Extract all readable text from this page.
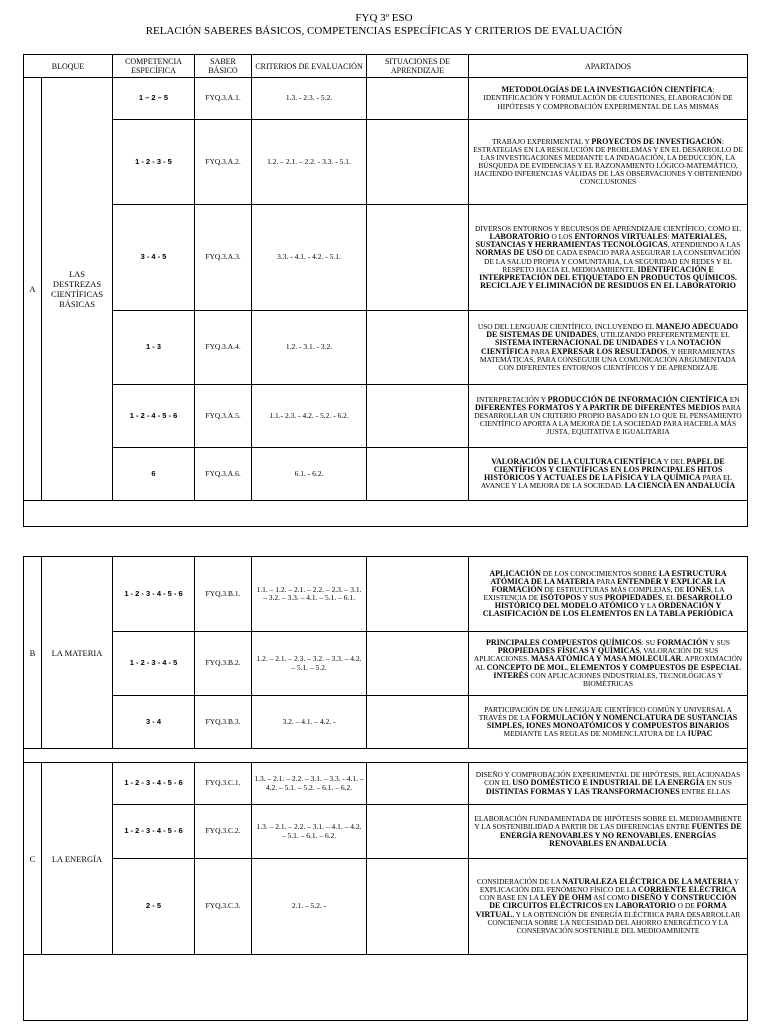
FYQ 3º ESO
RELACIÓN SABERES BÁSICOS, COMPETENCIAS ESPECÍFICAS Y CRITERIOS DE EVALUACIÓN
BLOQUE		COMPETENCIA ESPECÍFICA	SABER BÁSICO	CRITERIOS DE EVALUACIÓN	SITUACIONES DE APRENDIZAJE	APARTADOS
A	LAS DESTREZAS CIENTÍFICAS BÁSICAS	1 – 2 – 5	FYQ.3.A.1.	1.3. - 2.3. - 5.2.		METODOLOGÍAS DE LA INVESTIGACIÓN CIENTÍFICA: IDENTIFICACIÓN Y FORMULACIÓN DE CUESTIONES, ELABORACIÓN DE HIPÓTESIS Y COMPROBACIÓN EXPERIMENTAL DE LAS MISMAS
		1 - 2 - 3 - 5	FYQ.3.A.2.	1.2. – 2.1. – 2.2. - 3.3. - 5.1.		TRABAJO EXPERIMENTAL Y PROYECTOS DE INVESTIGACIÓN: ESTRATEGIAS EN LA RESOLUCIÓN DE PROBLEMAS Y EN EL DESARROLLO DE LAS INVESTIGACIONES MEDIANTE LA INDAGACIÓN, LA DEDUCCIÓN, LA BÚSQUEDA DE EVIDENCIAS Y EL RAZONAMIENTO LÓGICO-MATEMÁTICO, HACIENDO INFERENCIAS VÁLIDAS DE LAS OBSERVACIONES Y OBTENIENDO CONCLUSIONES
		3 - 4 - 5	FYQ.3.A.3.	3.3. - 4.1. - 4.2. - 5.1.		DIVERSOS ENTORNOS Y RECURSOS DE APRENDIZAJE CIENTÍFICO, COMO EL LABORATORIO O LOS ENTORNOS VIRTUALES: MATERIALES, SUSTANCIAS Y HERRAMIENTAS TECNOLÓGICAS, ATENDIENDO A LAS NORMAS DE USO DE CADA ESPACIO PARA ASEGURAR LA CONSERVACIÓN DE LA SALUD PROPIA Y COMUNITARIA, LA SEGURIDAD EN REDES Y EL RESPETO HACIA EL MEDIOAMBIENTE. IDENTIFICACIÓN E INTERPRETACIÓN DEL ETIQUETADO EN PRODUCTOS QUÍMICOS. RECICLAJE Y ELIMINACIÓN DE RESIDUOS EN EL LABORATORIO
		1 - 3	FYQ.3.A.4.	1.2. - 3.1. - 3.2.		USO DEL LENGUAJE CIENTÍFICO, INCLUYENDO EL MANEJO ADECUADO DE SISTEMAS DE UNIDADES, UTILIZANDO PREFERENTEMENTE EL SISTEMA INTERNACIONAL DE UNIDADES Y LA NOTACIÓN CIENTÍFICA PARA EXPRESAR LOS RESULTADOS, Y HERRAMIENTAS MATEMÁTICAS, PARA CONSEGUIR UNA COMUNICACIÓN ARGUMENTADA CON DIFERENTES ENTORNOS CIENTÍFICOS Y DE APRENDIZAJE
		1 - 2 - 4 - 5 - 6	FYQ.3.A.5.	1.1.- 2.3. - 4.2. - 5.2. - 6.2.		INTERPRETACIÓN Y PRODUCCIÓN DE INFORMACIÓN CIENTÍFICA EN DIFERENTES FORMATOS Y A PARTIR DE DIFERENTES MEDIOS PARA DESARROLLAR UN CRITERIO PROPIO BASADO EN LO QUE EL PENSAMIENTO CIENTÍFICO APORTA A LA MEJORA DE LA SOCIEDAD PARA HACERLA MÁS JUSTA, EQUITATIVA E IGUALITARIA
		6	FYQ.3.A.6.	6.1. - 6.2.		VALORACIÓN DE LA CULTURA CIENTÍFICA Y DEL PAPEL DE CIENTÍFICOS Y CIENTÍFICAS EN LOS PRINCIPALES HITOS HISTÓRICOS Y ACTUALES DE LA FÍSICA Y LA QUÍMICA PARA EL AVANCE Y LA MEJORA DE LA SOCIEDAD. LA CIENCIA EN ANDALUCÍA

B	LA MATERIA	1 - 2 - 3 - 4 - 5 - 6	FYQ.3.B.1.	1.1. – 1.2. – 2.1. – 2.2. – 2.3. – 3.1. – 3.2. – 3.3. – 4.1. – 5.1. – 6.1.		APLICACIÓN DE LOS CONOCIMIENTOS SOBRE LA ESTRUCTURA ATÓMICA DE LA MATERIA PARA ENTENDER Y EXPLICAR LA FORMACIÓN DE ESTRUCTURAS MÁS COMPLEJAS, DE IONES, LA EXISTENCIA DE ISÓTOPOS Y SUS PROPIEDADES, EL DESARROLLO HISTÓRICO DEL MODELO ATÓMICO Y LA ORDENACIÓN Y CLASIFICACIÓN DE LOS ELEMENTOS EN LA TABLA PERIÓDICA
		1 - 2 - 3 - 4 - 5	FYQ.3.B.2.	1.2. – 2.1. – 2.3. – 3.2. – 3.3. – 4.2. – 5.1. – 5.2.		PRINCIPALES COMPUESTOS QUÍMICOS: SU FORMACIÓN Y SUS PROPIEDADES FÍSICAS Y QUÍMICAS, VALORACIÓN DE SUS APLICACIONES. MASA ATÓMICA Y MASA MOLECULAR. APROXIMACIÓN AL CONCEPTO DE MOL. ELEMENTOS Y COMPUESTOS DE ESPECIAL INTERÉS CON APLICACIONES INDUSTRIALES, TECNOLÓGICAS Y BIOMÉTRICAS
		3 - 4	FYQ.3.B.3.	3.2. – 4.1. – 4.2. -		PARTICIPACIÓN DE UN LENGUAJE CIENTÍFICO COMÚN Y UNIVERSAL A TRAVÉS DE LA FORMULACIÓN Y NOMENCLATURA DE SUSTANCIAS SIMPLES, IONES MONOATÓMICOS Y COMPUESTOS BINARIOS MEDIANTE LAS REGLAS DE NOMENCLATURA DE LA IUPAC

C	LA ENERGÍA	1 - 2 - 3 - 4 - 5 - 6	FYQ.3.C.1.	1.3. – 2.1. – 2.2. – 3.1. – 3.3. - 4.1. – 4.2. – 5.1. – 5.2. – 6.1. – 6.2.		DISEÑO Y COMPROBACIÓN EXPERIMENTAL DE HIPÓTESIS, RELACIONADAS CON EL USO DOMÉSTICO E INDUSTRIAL DE LA ENERGÍA EN SUS DISTINTAS FORMAS Y LAS TRANSFORMACIONES ENTRE ELLAS
		1 - 2 - 3 - 4 - 5 - 6	FYQ.3.C.2.	1.3. – 2.1. – 2.2. – 3.1. – 4.1. – 4.2. – 5.1. – 6.1. – 6.2.		ELABORACIÓN FUNDAMENTADA DE HIPÓTESIS SOBRE EL MEDIOAMBIENTE Y LA SOSTENIBILIDAD A PARTIR DE LAS DIFERENCIAS ENTRE FUENTES DE ENERGÍA RENOVABLES Y NO RENOVABLES. ENERGÍAS RENOVABLES EN ANDALUCÍA
		2 - 5	FYQ.3.C.3.	2.1. – 5.2. -		CONSIDERACIÓN DE LA NATURALEZA ELÉCTRICA DE LA MATERIA Y EXPLICACIÓN DEL FENÓMENO FÍSICO DE LA CORRIENTE ELÉCTRICA CON BASE EN LA LEY DE OHM ASÍ COMO DISEÑO Y CONSTRUCCIÓN DE CIRCUITOS ELÉCTRICOS EN LABORATORIO O DE FORMA VIRTUAL, Y LA OBTENCIÓN DE ENERGÍA ELÉCTRICA PARA DESARROLLAR CONCIENCIA SOBRE LA NECESIDAD DEL AHORRO ENERGÉTICO Y LA CONSERVACIÓN SOSTENIBLE DEL MEDIOAMBIENTE
